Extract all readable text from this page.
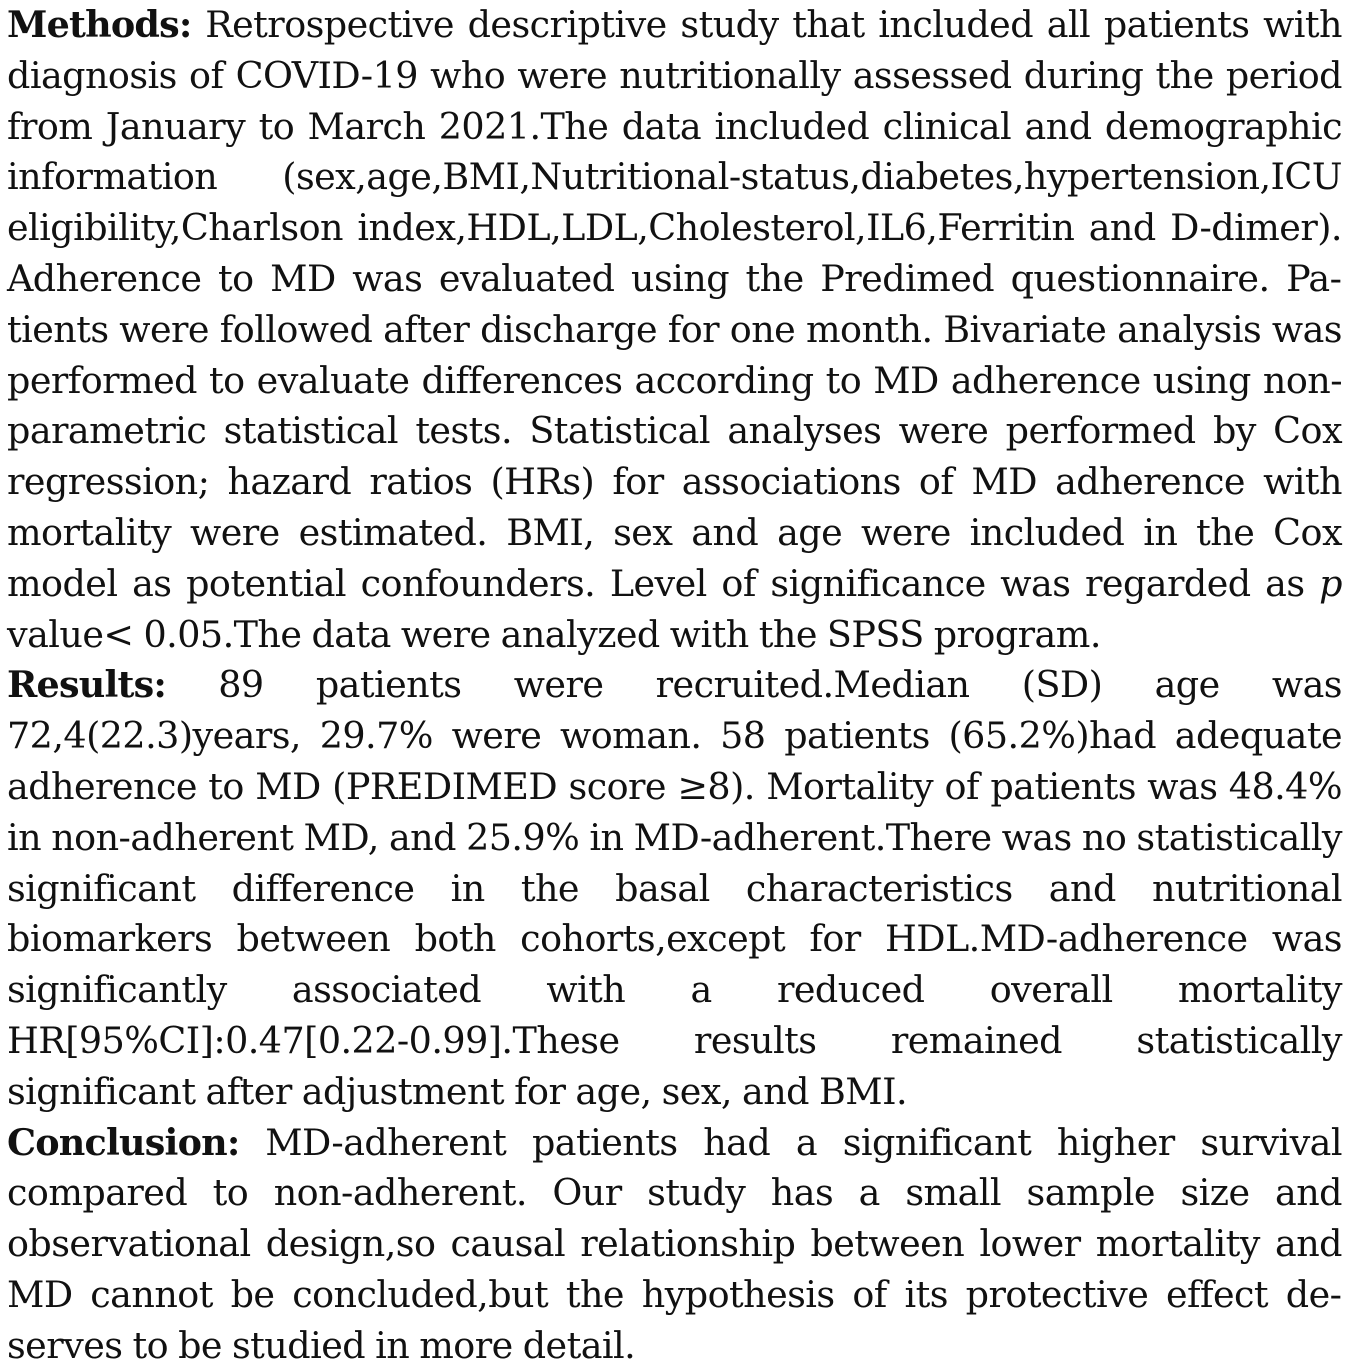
Methods: Retrospective descriptive study that included all patients with diagnosis of COVID-19 who were nutritionally assessed during the period from January to March 2021.The data included clinical and demographic information (sex,age,BMI,Nutritional-status,diabetes,hypertension,ICU eligibility,Charlson index,HDL,LDL,Cholesterol,IL6,Ferritin and D-dimer). Adherence to MD was evaluated using the Predimed questionnaire. Patients were followed after discharge for one month. Bivariate analysis was performed to evaluate differences according to MD adherence using non-parametric statistical tests. Statistical analyses were performed by Cox regression; hazard ratios (HRs) for associations of MD adherence with mortality were estimated. BMI, sex and age were included in the Cox model as potential confounders. Level of significance was regarded as p value< 0.05.The data were analyzed with the SPSS program.

Results: 89 patients were recruited.Median (SD) age was 72,4(22.3)years, 29.7% were woman. 58 patients (65.2%)had adequate adherence to MD (PREDIMED score ≥8). Mortality of patients was 48.4% in non-adherent MD, and 25.9% in MD-adherent.There was no statistically significant difference in the basal characteristics and nutritional biomarkers between both cohorts,except for HDL.MD-adherence was significantly associated with a reduced overall mortality HR[95%CI]:0.47[0.22-0.99].These results remained statistically significant after adjustment for age, sex, and BMI.

Conclusion: MD-adherent patients had a significant higher survival compared to non-adherent. Our study has a small sample size and observational design,so causal relationship between lower mortality and MD cannot be concluded,but the hypothesis of its protective effect deserves to be studied in more detail.
